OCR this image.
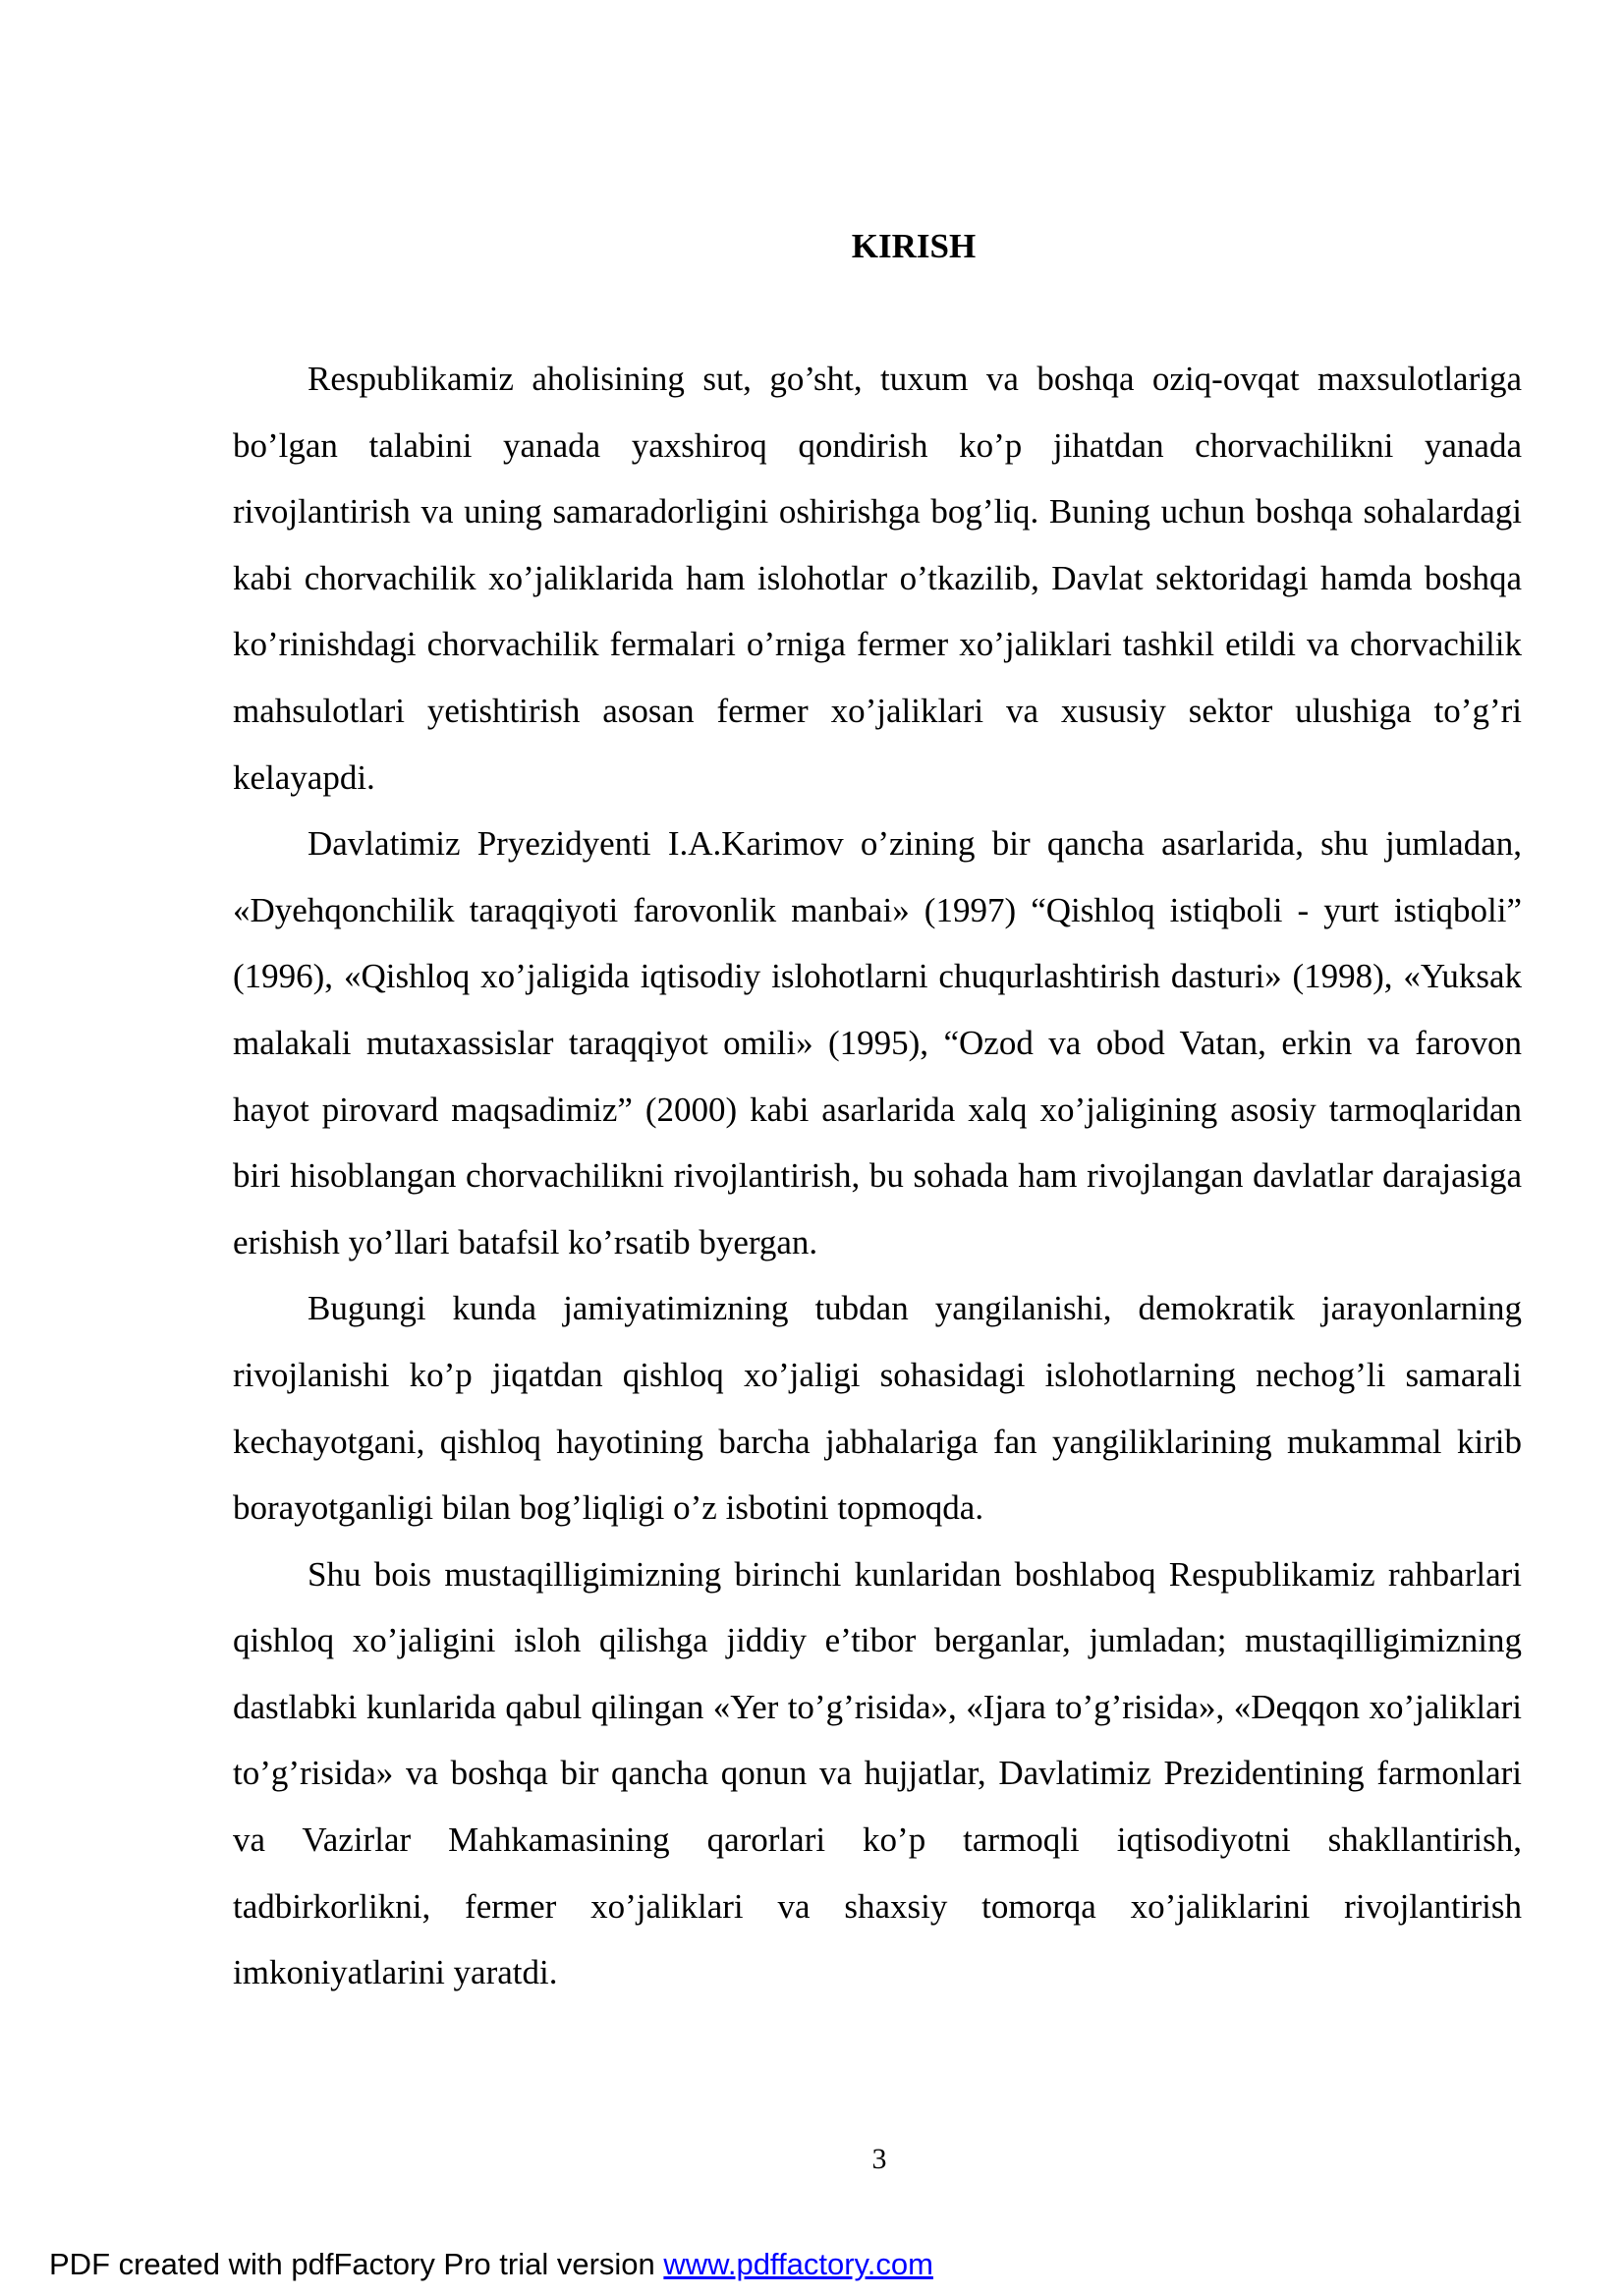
KIRISH

Respublikamiz aholisining sut, go’sht, tuxum va boshqa oziq-ovqat maxsulotlariga bo’lgan talabini yanada yaxshiroq qondirish ko’p jihatdan chorvachilikni yanada rivojlantirish va uning samaradorligini oshirishga bog’liq. Buning uchun boshqa sohalardagi kabi chorvachilik xo’jaliklarida ham islohotlar o’tkazilib, Davlat sektoridagi hamda boshqa ko’rinishdagi chorvachilik fermalari o’rniga fermer xo’jaliklari tashkil etildi va chorvachilik mahsulotlari yetishtirish asosan fermer xo’jaliklari va xususiy sektor ulushiga to’g’ri kelayapdi.

Davlatimiz Pryezidyenti I.A.Karimov o’zining bir qancha asarlarida, shu jumladan, «Dyehqonchilik taraqqiyoti farovonlik manbai» (1997) “Qishloq istiqboli - yurt istiqboli” (1996), «Qishloq xo’jaligida iqtisodiy islohotlarni chuqurlashtirish dasturi» (1998), «Yuksak malakali mutaxassislar taraqqiyot omili» (1995), “Ozod va obod Vatan, erkin va farovon hayot pirovard maqsadimiz” (2000) kabi asarlarida xalq xo’jaligining asosiy tarmoqlaridan biri hisoblangan chorvachilikni rivojlantirish, bu sohada ham rivojlangan davlatlar darajasiga erishish yo’llari batafsil ko’rsatib byergan.

Bugungi kunda jamiyatimizning tubdan yangilanishi, demokratik jarayonlarning rivojlanishi ko’p jiqatdan qishloq xo’jaligi sohasidagi islohotlarning nechog’li samarali kechayotgani, qishloq hayotining barcha jabhalariga fan yangiliklarining mukammal kirib borayotganligi bilan bog’liqligi o’z isbotini topmoqda.

Shu bois mustaqilligimizning birinchi kunlaridan boshlaboq Respublikamiz rahbarlari qishloq xo’jaligini isloh qilishga jiddiy e’tibor berganlar, jumladan; mustaqilligimizning dastlabki kunlarida qabul qilingan «Yer to’g’risida», «Ijara to’g’risida», «Deqqon xo’jaliklari to’g’risida» va boshqa bir qancha qonun va hujjatlar, Davlatimiz Prezidentining farmonlari va Vazirlar Mahkamasining qarorlari ko’p tarmoqli iqtisodiyotni shakllantirish, tadbirkorlikni, fermer xo’jaliklari va shaxsiy tomorqa xo’jaliklarini rivojlantirish imkoniyatlarini yaratdi.

3
PDF created with pdfFactory Pro trial version www.pdffactory.com
